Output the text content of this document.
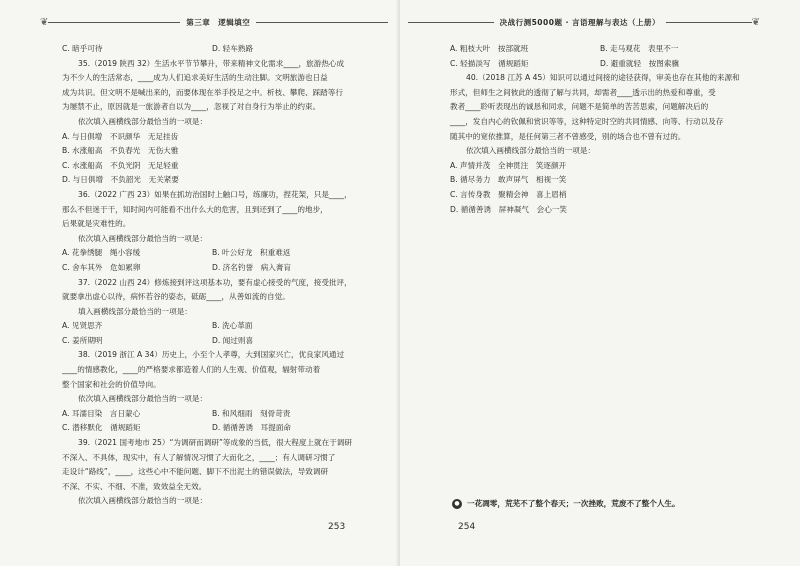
❦	第三章　逻辑填空
C. 暗乎可待	D. 轻车熟路
35.（2019 陕西 32）生活水平节节攀升，带来精神文化需求____，旅游热心成
为不少人的生活常态，____成为人们追求美好生活的生动注脚。文明旅游也日益
成为共识。但文明不是喊出来的，而要体现在举手投足之中。析枝、攀爬、踩踏等行
为屡禁不止，原因就是一旅游者自以为____，忽视了对自身行为举止的约束。
依次填入画横线部分最恰当的一项是：
A. 与日俱增　不识颜华　无足挂齿
B. 水涨船高　不负春光　无伤大雅
C. 水涨船高　不负光阴　无足轻重
D. 与日俱增　不负韶光　无关紧要
36.（2022 广西 23）如果在抓坊治国时上触口号，练廉功，捏花架，只是____，
那么不但迷于干，知时间内可能看不出什么大的危害，且到还到了____的地步，
后果就是灾难性的。
依次填入画横线部分最恰当的一项是：
A. 花拳绣腿　绳小容缓	B. 叶公好龙　积重难返
C. 舍车其外　危如累卵	D. 济名钓誉　病入膏肓
37.（2022 山西 24）修炼接到评这项基本功，要有虚心接受的气度，接受批评，
就要拿出虚心以待，病怀若谷的姿态，砥砺____，从善如流的自觉。
填入画横线部分最恰当的一项是：
A. 见贤思齐	B. 洗心革面
C. 姜所期明	D. 闻过则喜
38.（2019 浙江 A 34）历史上，小至个人孝尊，大到国家兴亡，优良家风通过
____的情感教化，____的严格要求都造着人们的人生观、价值观，辐射带动着
整个国家和社会的价值导向。
依次填入画横线部分最恰当的一项是：
A. 耳濡目染　言日蒙心	B. 和风细雨　刻骨苛责
C. 潜移默化　循规蹈矩	D. 循循善诱　耳提面命
39.（2021 国考地市 25）“为调研而调研”等成象的当低，很大程度上就在于调研
不深入、不具体，现实中，有人了解情况习惯了大而化之，____；有人调研习惯了
走设计“路线”，____，这些心中不能问题、脚下不出泥土的错误做法，导致调研
不深、不实、不细、不准，致效益全无效。
依次填入画横线部分最恰当的一项是：
253
决战行测5000题 · 言语理解与表达（上册）	❦
A. 粗枝大叶　按部就班	B. 走马观花　表里不一
C. 轻描淡写　循规蹈矩	D. 避重就轻　按图索骥
40.（2018 江苏 A 45）知识可以通过间接的途径获得，审美也存在其他的来源和
形式，但师生之间彼此的透彻了解与共同，却需者____透示出的热爱和尊重，受
教者____聆听表现出的诚恳和同求，问题不是简单的苦苦思索，问题解决后的
____，发自内心的钦佩和赏识等等，这种特定时空的共同情感、向等、行动以及存
随其中的宽依推算，是任何第三者不曾感受，别的场合也不曾有过的。
依次填入画横线部分最恰当的一项是：
A. 声情并茂　全神贯注　笑逐颜开
B. 循尽务力　敢声屏气　相视一笑
C. 言传身教　聚精会神　喜上眉梢
D. 循循善诱　屏神凝气　会心一笑
● 一花凋零，荒芜不了整个春天；一次挫败，荒废不了整个人生。
254
